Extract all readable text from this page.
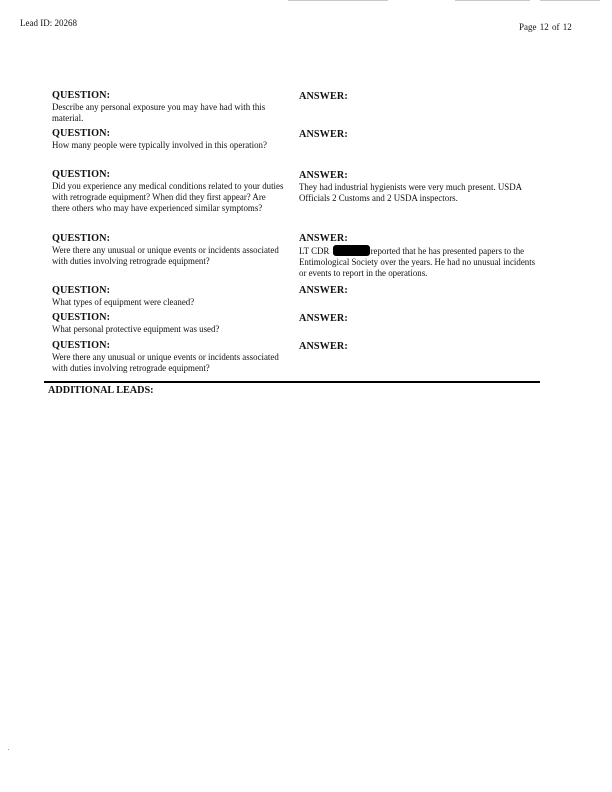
Lead ID: 20268	Page 12 of 12
QUESTION:
Describe any personal exposure you may have had with this material.
ANSWER:
QUESTION:
How many people were typically involved in this operation?
ANSWER:
QUESTION:
Did you experience any medical conditions related to your duties with retrograde equipment? When did they first appear? Are there others who may have experienced similar symptoms?
ANSWER:
They had industrial hygienists were very much present. USDA Officials 2 Customs and 2 USDA inspectors.
QUESTION:
Were there any unusual or unique events or incidents associated with duties involving retrograde equipment?
ANSWER:
LT CDR	reported that he has presented papers to the Entimological Society over the years. He had no unusual incidents or events to report in the operations.
QUESTION:
What types of equipment were cleaned?
ANSWER:
QUESTION:
What personal protective equipment was used?
ANSWER:
QUESTION:
Were there any unusual or unique events or incidents associated with duties involving retrograde equipment?
ANSWER:
ADDITIONAL LEADS:
